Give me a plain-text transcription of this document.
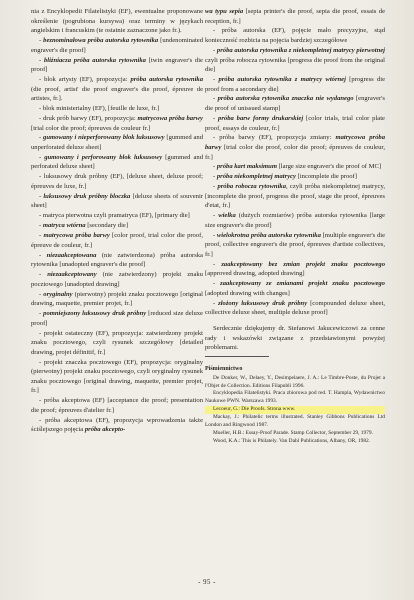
nia z Encyklopedii Filatelistyki (EF), ewentualne proponowane określenie (pogrubiona kursywa) oraz terminy w językach angielskim i francuskim (te ostatnie zaznaczone jako fr.).

- beznominałowa próba autorska rytownika [undenominated engraver's die proof]

- bliźniacza próba autorska rytownika [twin engraver's die proof]

- blok artysty (EF), propozycja: próba autorska rytownika (die proof, artist' die proof engraver's die proof, épreuve de artistes, fr.].

- blok ministerialny (EF), [feuille de luxe, fr.]

- druk prób barwy (EF), propozycja: matrycowa próba barwy [trial color die proof; épreuves de couleur fr.]

- gumowany i nieperforowany blok luksusowy [gummed and unperforated deluxe sheet]

- gumowany i perforowany blok luksusowy [gummed and perforated deluxe sheet]

- luksusowy druk próbny (EF), [deluxe sheet, deluxe proof; épreuves de luxe, fr.]

- luksusowy druk próbny bloczka [deluxe sheets of souvenir sheet]

- matryca pierwotna czyli pramatryca (EF), [primary die]

- matryca wtórna [secondary die]

- matrycowa próba barwy [color proof, trial color die proof, épreuve de couleur, fr.]

- niezaakceptowana (nie zatwierdzona) próba autorska rytownika [unadopted engraver's die proof]

- niezaakceptowany (nie zatwierdzony) projekt znaku pocztowego [unadopted drawing]

- oryginalny (pierwotny) projekt znaku pocztowego [original drawing, maquette, premier projet, fr.]

- pomniejszony luksusowy druk próbny [reduced size deluxe proof]

- projekt ostateczny (EF), propozycja: zatwierdzony projekt znaku pocztowego, czyli rysunek szczegółowy [detailed drawing, projet définitif, fr.]

- projekt znaczka pocztowego (EF), propozycja: oryginalny (pierwotny) projekt znaku pocztowego, czyli oryginalny rysunek znaku pocztowego [original drawing, maquette, premier projet, fr.]

- próba akceptowa (EF) [acceptance die proof; presentation die proof; épreuves d'atelier fr.]

- próba akceptowa (EF), propozycja wprowadzenia także ściślejszego pojęcia próba akcepto-

wa typu sepia [sepia printer's die proof, sepia die proof, essais de reception, fr.]

- próba autorska (EF), pojęcie mało precyzyjne, stąd konieczność rozbicia na pojęcia bardziej szczegółowe

- próba autorska rytownika z niekompletnej matrycy pierwotnej czyli próba robocza rytownika [progress die proof from the original die]

- próba autorska rytownika z matrycy wtórnej [progress die proof from a secondary die]

- próba autorska rytownika znaczka nie wydanego [engraver's die proof of unissued stamp]

- próba barw formy drukarskiej [color trials, trial color plate proof, essays de couleur, fr.]

- próba barwy (EF), propozycja zmiany: matrycowa próba barwy [trial color die proof, color die proof; épreuves de couleur, fr.]

- próba kart maksimum [large size engraver's die proof of MC]

- próba niekompletnej matrycy [incomplete die proof]

- próba robocza rytownika, czyli próba niekompletnej matrycy, [incomplete die proof, progress die proof, stage die proof, épreuves d'etat, fr.]

- wielka (dużych rozmiarów) próba autorska rytownika [large size engraver's die proof]

- wielokrotna próba autorska rytownika [multiple engraver's die proof, collective engraver's die proof, épreuves d'artiste collectives, fr.]

- zaakceptowany bez zmian projekt znaku pocztowego [approved drawing, adopted drawing]

- zaakceptowany ze zmianami projekt znaku pocztowego [adopted drawing with changes]

- złożony luksusowy druk próbny [compounded deluxe sheet, collective deluxe sheet, multiple deluxe proof]

Serdecznie dziękujemy dr. Stefanowi Jakucewiczowi za cenne rady i wskazówki związane z przedstawionymi powyżej problemami.

Piśmiennictwo

De Donker, W., Delaey, Y., Desimpelaere, J. A.: Le Timbre-Poste, du Projet a l'Objet de Collection. Editions Filapubli 1996.

Encyklopedia Filatelistyki. Praca zbiorowa pod red. T. Hampla, Wydawnictwo Naukowe PWN. Warszawa 1993.

Lecoeur, G.: Die Proofs. Strona www.

Mackay, J.: Philatelic terms illustrated. Stanley Gibbons Publications Ltd London and Ringwood 1987.

Mueller, H.B.: Essay-Proof Parade. Stamp Collector, September 29, 1979.

Wood, K.A.: This is Philately. Van Dahl Publications, Albany, OR, 1982.

- 95 -
